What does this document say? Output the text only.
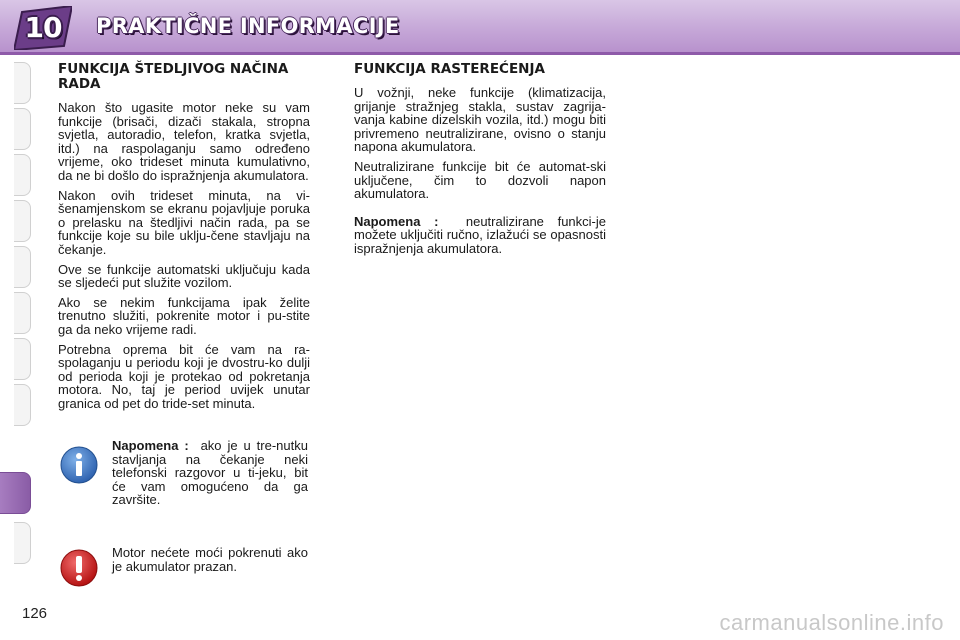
10	PRAKTIČNE INFORMACIJE
FUNKCIJA ŠTEDLJIVOG NAČINA RADA

Nakon što ugasite motor neke su vam funkcije (brisači, dizači stakala, stropna svjetla, autoradio, telefon, kratka svjetla, itd.) na raspolaganju samo određeno vrijeme, oko trideset minuta kumulativno, da ne bi došlo do ispražnjenja akumulatora.

Nakon ovih trideset minuta, na vi-šenamjenskom se ekranu pojavljuje poruka o prelasku na štedljivi način rada, pa se funkcije koje su bile uklju-čene stavljaju na čekanje.

Ove se funkcije automatski uključuju kada se sljedeći put služite vozilom.

Ako se nekim funkcijama ipak želite trenutno služiti, pokrenite motor i pu-stite ga da neko vrijeme radi.

Potrebna oprema bit će vam na ra-spolaganju u periodu koji je dvostru-ko dulji od perioda koji je protekao od pokretanja motora. No, taj je period uvijek unutar granica od pet do tride-set minuta.

Napomena : ako je u tre-nutku stavljanja na čekanje neki telefonski razgovor u ti-jeku, bit će vam omogućeno da ga završite.
Motor nećete moći pokrenuti ako je akumulator prazan.
FUNKCIJA RASTEREĆENJA

U vožnji, neke funkcije (klimatizacija, grijanje stražnjeg stakla, sustav zagrija-vanja kabine dizelskih vozila, itd.) mogu biti privremeno neutralizirane, ovisno o stanju napona akumulatora.

Neutralizirane funkcije bit će automat-ski uključene, čim to dozvoli napon akumulatora.

Napomena : neutralizirane funkci-je možete uključiti ručno, izlažući se opasnosti ispražnjenja akumulatora.

126	carmanualsonline.info
